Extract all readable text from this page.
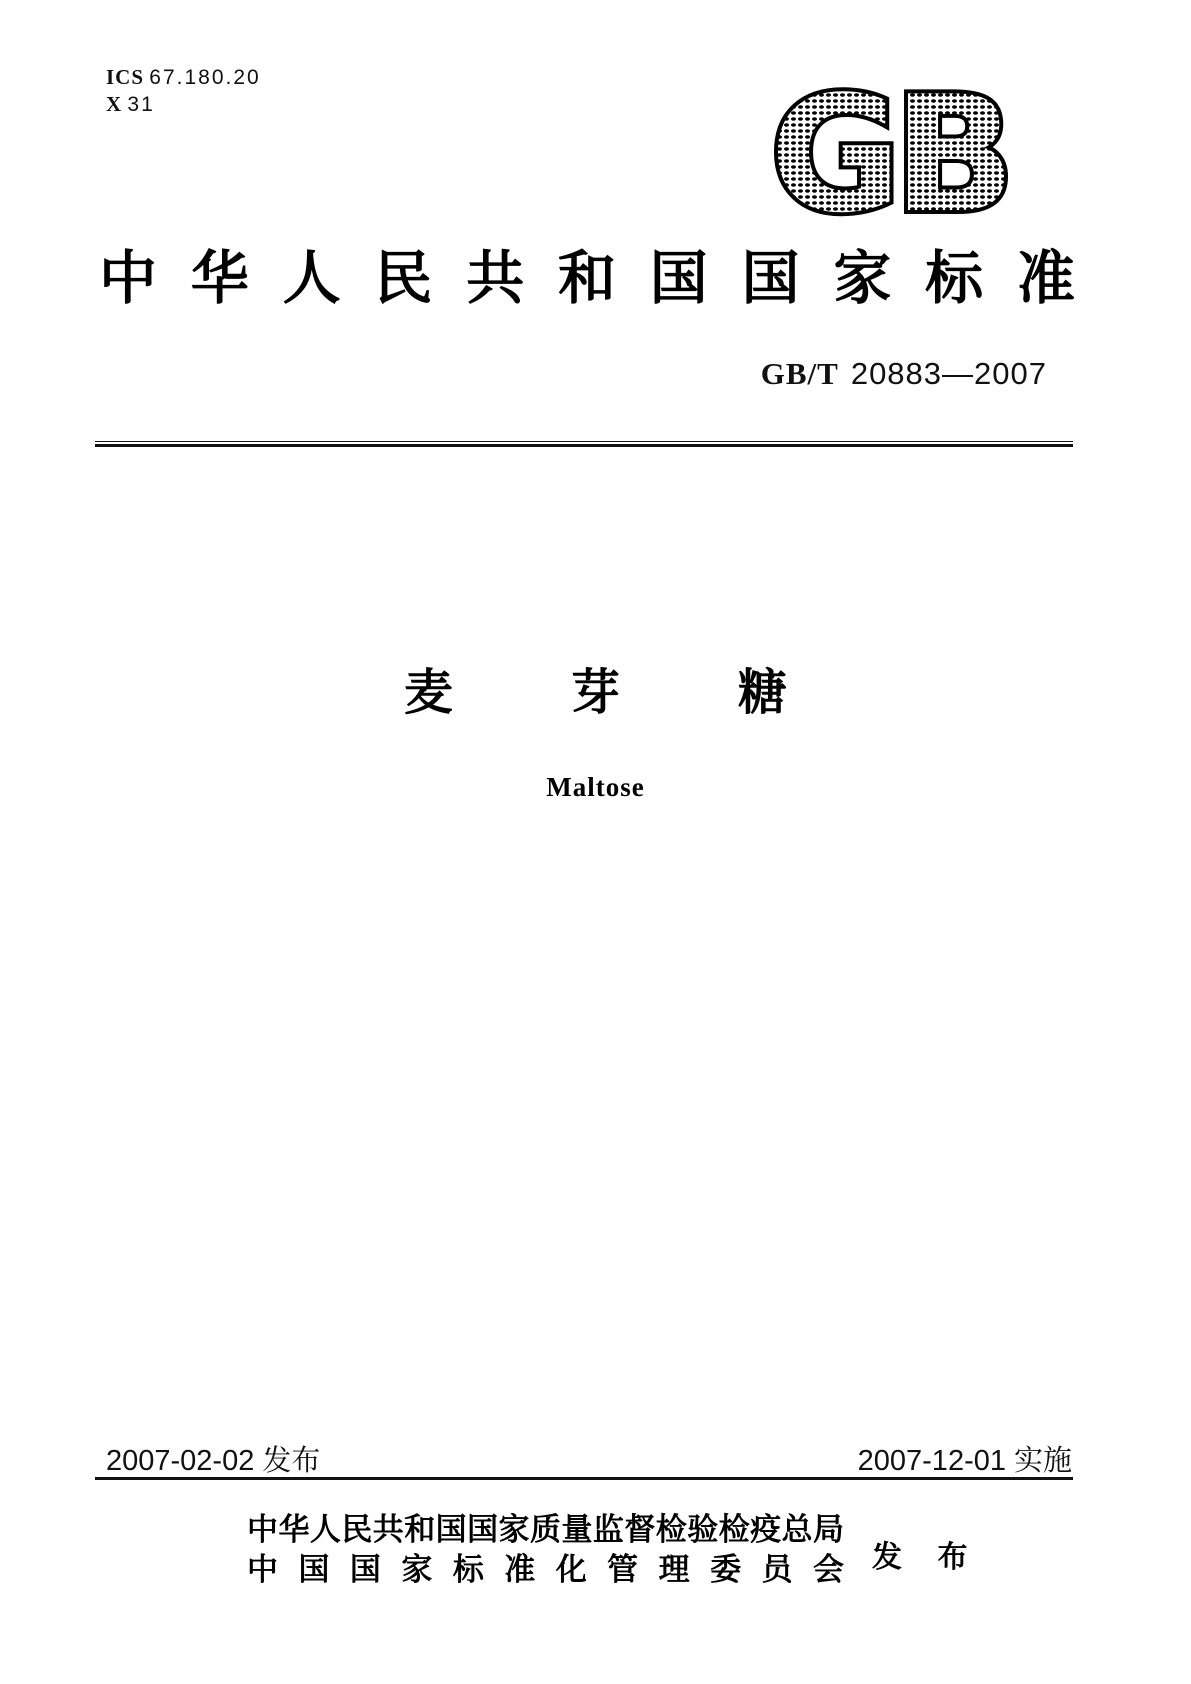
ICS 67.180.20
X 31	GB
中华人民共和国国家标准
GB/T 20883—2007
麦 芽 糖
Maltose
2007-02-02 发布	2007-12-01 实施
中华人民共和国国家质量监督检验检疫总局
中国国家标准化管理委员会 发 布
